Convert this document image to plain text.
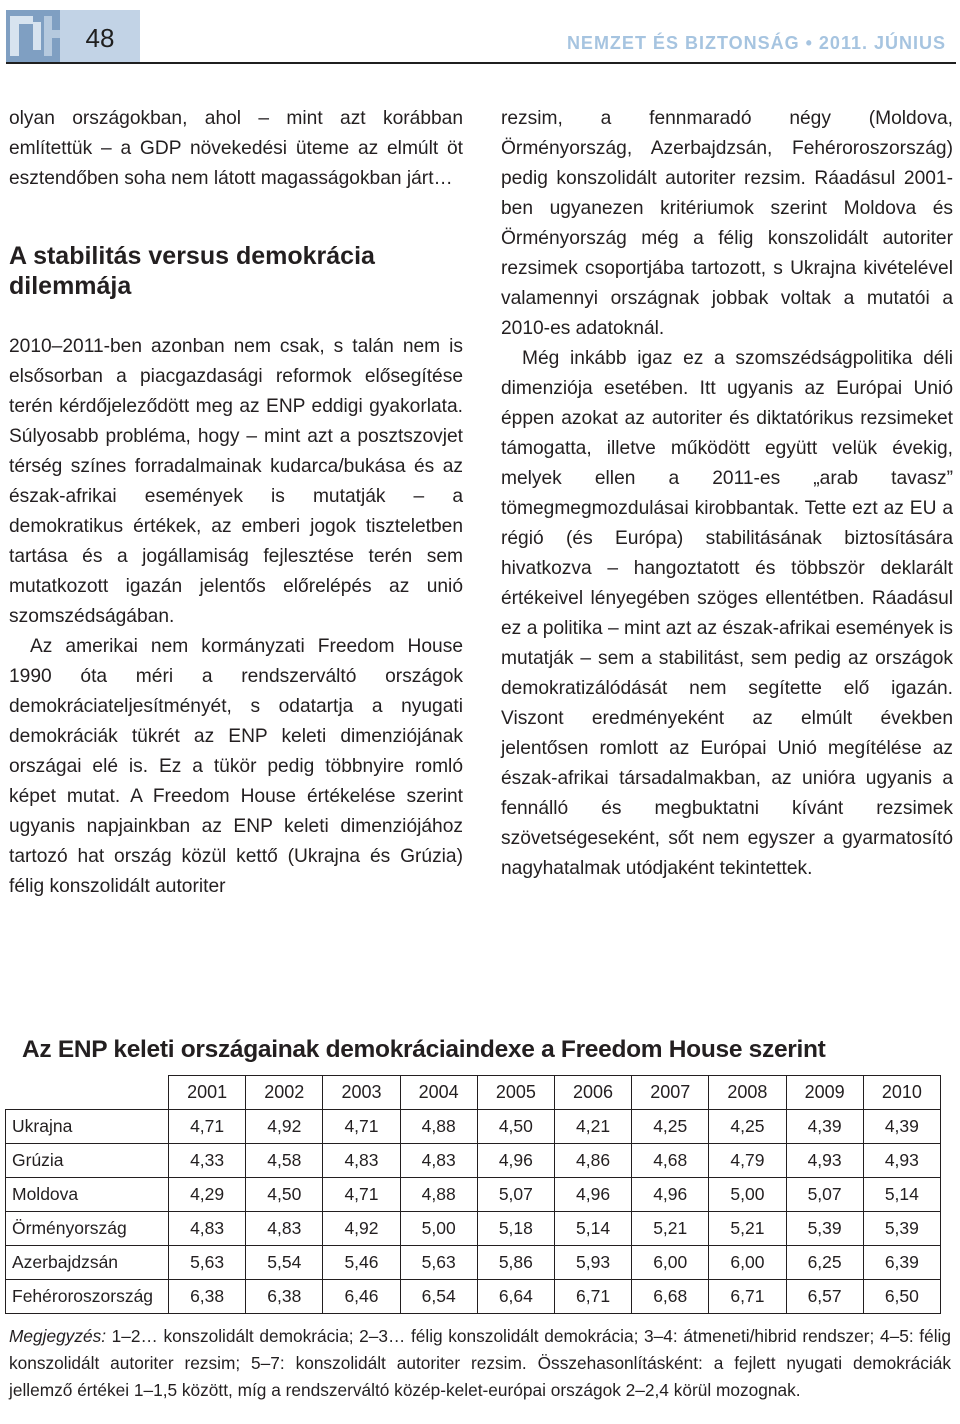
48	NEMZET ÉS BIZTONSÁG • 2011. JÚNIUS

olyan országokban, ahol – mint azt korábban említettük – a GDP növekedési üteme az elmúlt öt esztendőben soha nem látott magasságokban járt…

A stabilitás versus demokrácia dilemmája

2010–2011-ben azonban nem csak, s talán nem is elsősorban a piacgazdasági reformok elősegítése terén kérdőjeleződött meg az ENP eddigi gyakorlata. Súlyosabb probléma, hogy – mint azt a posztszovjet térség színes forradalmainak kudarca/bukása és az észak-afrikai események is mutatják – a demokratikus értékek, az emberi jogok tiszteletben tartása és a jogállamiság fejlesztése terén sem mutatkozott igazán jelentős előrelépés az unió szomszédságában.

Az amerikai nem kormányzati Freedom House 1990 óta méri a rendszerváltó országok demokráciateljesítményét, s odatartja a nyugati demokráciák tükrét az ENP keleti dimenziójának országai elé is. Ez a tükör pedig többnyire romló képet mutat. A Freedom House értékelése szerint ugyanis napjainkban az ENP keleti dimenziójához tartozó hat ország közül kettő (Ukrajna és Grúzia) félig konszolidált autoriter

rezsim, a fennmaradó négy (Moldova, Örményország, Azerbajdzsán, Fehéroroszország) pedig konszolidált autoriter rezsim. Ráadásul 2001-ben ugyanezen kritériumok szerint Moldova és Örményország még a félig konszolidált autoriter rezsimek csoportjába tartozott, s Ukrajna kivételével valamennyi országnak jobbak voltak a mutatói a 2010-es adatoknál.

Még inkább igaz ez a szomszédságpolitika déli dimenziója esetében. Itt ugyanis az Európai Unió éppen azokat az autoriter és diktatórikus rezsimeket támogatta, illetve működött együtt velük évekig, melyek ellen a 2011-es „arab tavasz” tömegmegmozdulásai kirobbantak. Tette ezt az EU a régió (és Európa) stabilitásának biztosítására hivatkozva – hangoztatott és többször deklarált értékeivel lényegében szöges ellentétben. Ráadásul ez a politika – mint azt az észak-afrikai események is mutatják – sem a stabilitást, sem pedig az országok demokratizálódását nem segítette elő igazán. Viszont eredményeként az elmúlt években jelentősen romlott az Európai Unió megítélése az észak-afrikai társadalmakban, az unióra ugyanis a fennálló és megbuktatni kívánt rezsimek szövetségeseként, sőt nem egyszer a gyarmatosító nagyhatalmak utódjaként tekintettek.

Az ENP keleti országainak demokráciaindexe a Freedom House szerint
	2001	2002	2003	2004	2005	2006	2007	2008	2009	2010
Ukrajna	4,71	4,92	4,71	4,88	4,50	4,21	4,25	4,25	4,39	4,39
Grúzia	4,33	4,58	4,83	4,83	4,96	4,86	4,68	4,79	4,93	4,93
Moldova	4,29	4,50	4,71	4,88	5,07	4,96	4,96	5,00	5,07	5,14
Örményország	4,83	4,83	4,92	5,00	5,18	5,14	5,21	5,21	5,39	5,39
Azerbajdzsán	5,63	5,54	5,46	5,63	5,86	5,93	6,00	6,00	6,25	6,39
Fehéroroszország	6,38	6,38	6,46	6,54	6,64	6,71	6,68	6,71	6,57	6,50
Megjegyzés: 1–2… konszolidált demokrácia; 2–3… félig konszolidált demokrácia; 3–4: átmeneti/hibrid rendszer; 4–5: félig konszolidált autoriter rezsim; 5–7: konszolidált autoriter rezsim. Összehasonlításként: a fejlett nyugati demokráciák jellemző értékei 1–1,5 között, míg a rendszerváltó közép-kelet-európai országok 2–2,4 körül mozognak.
